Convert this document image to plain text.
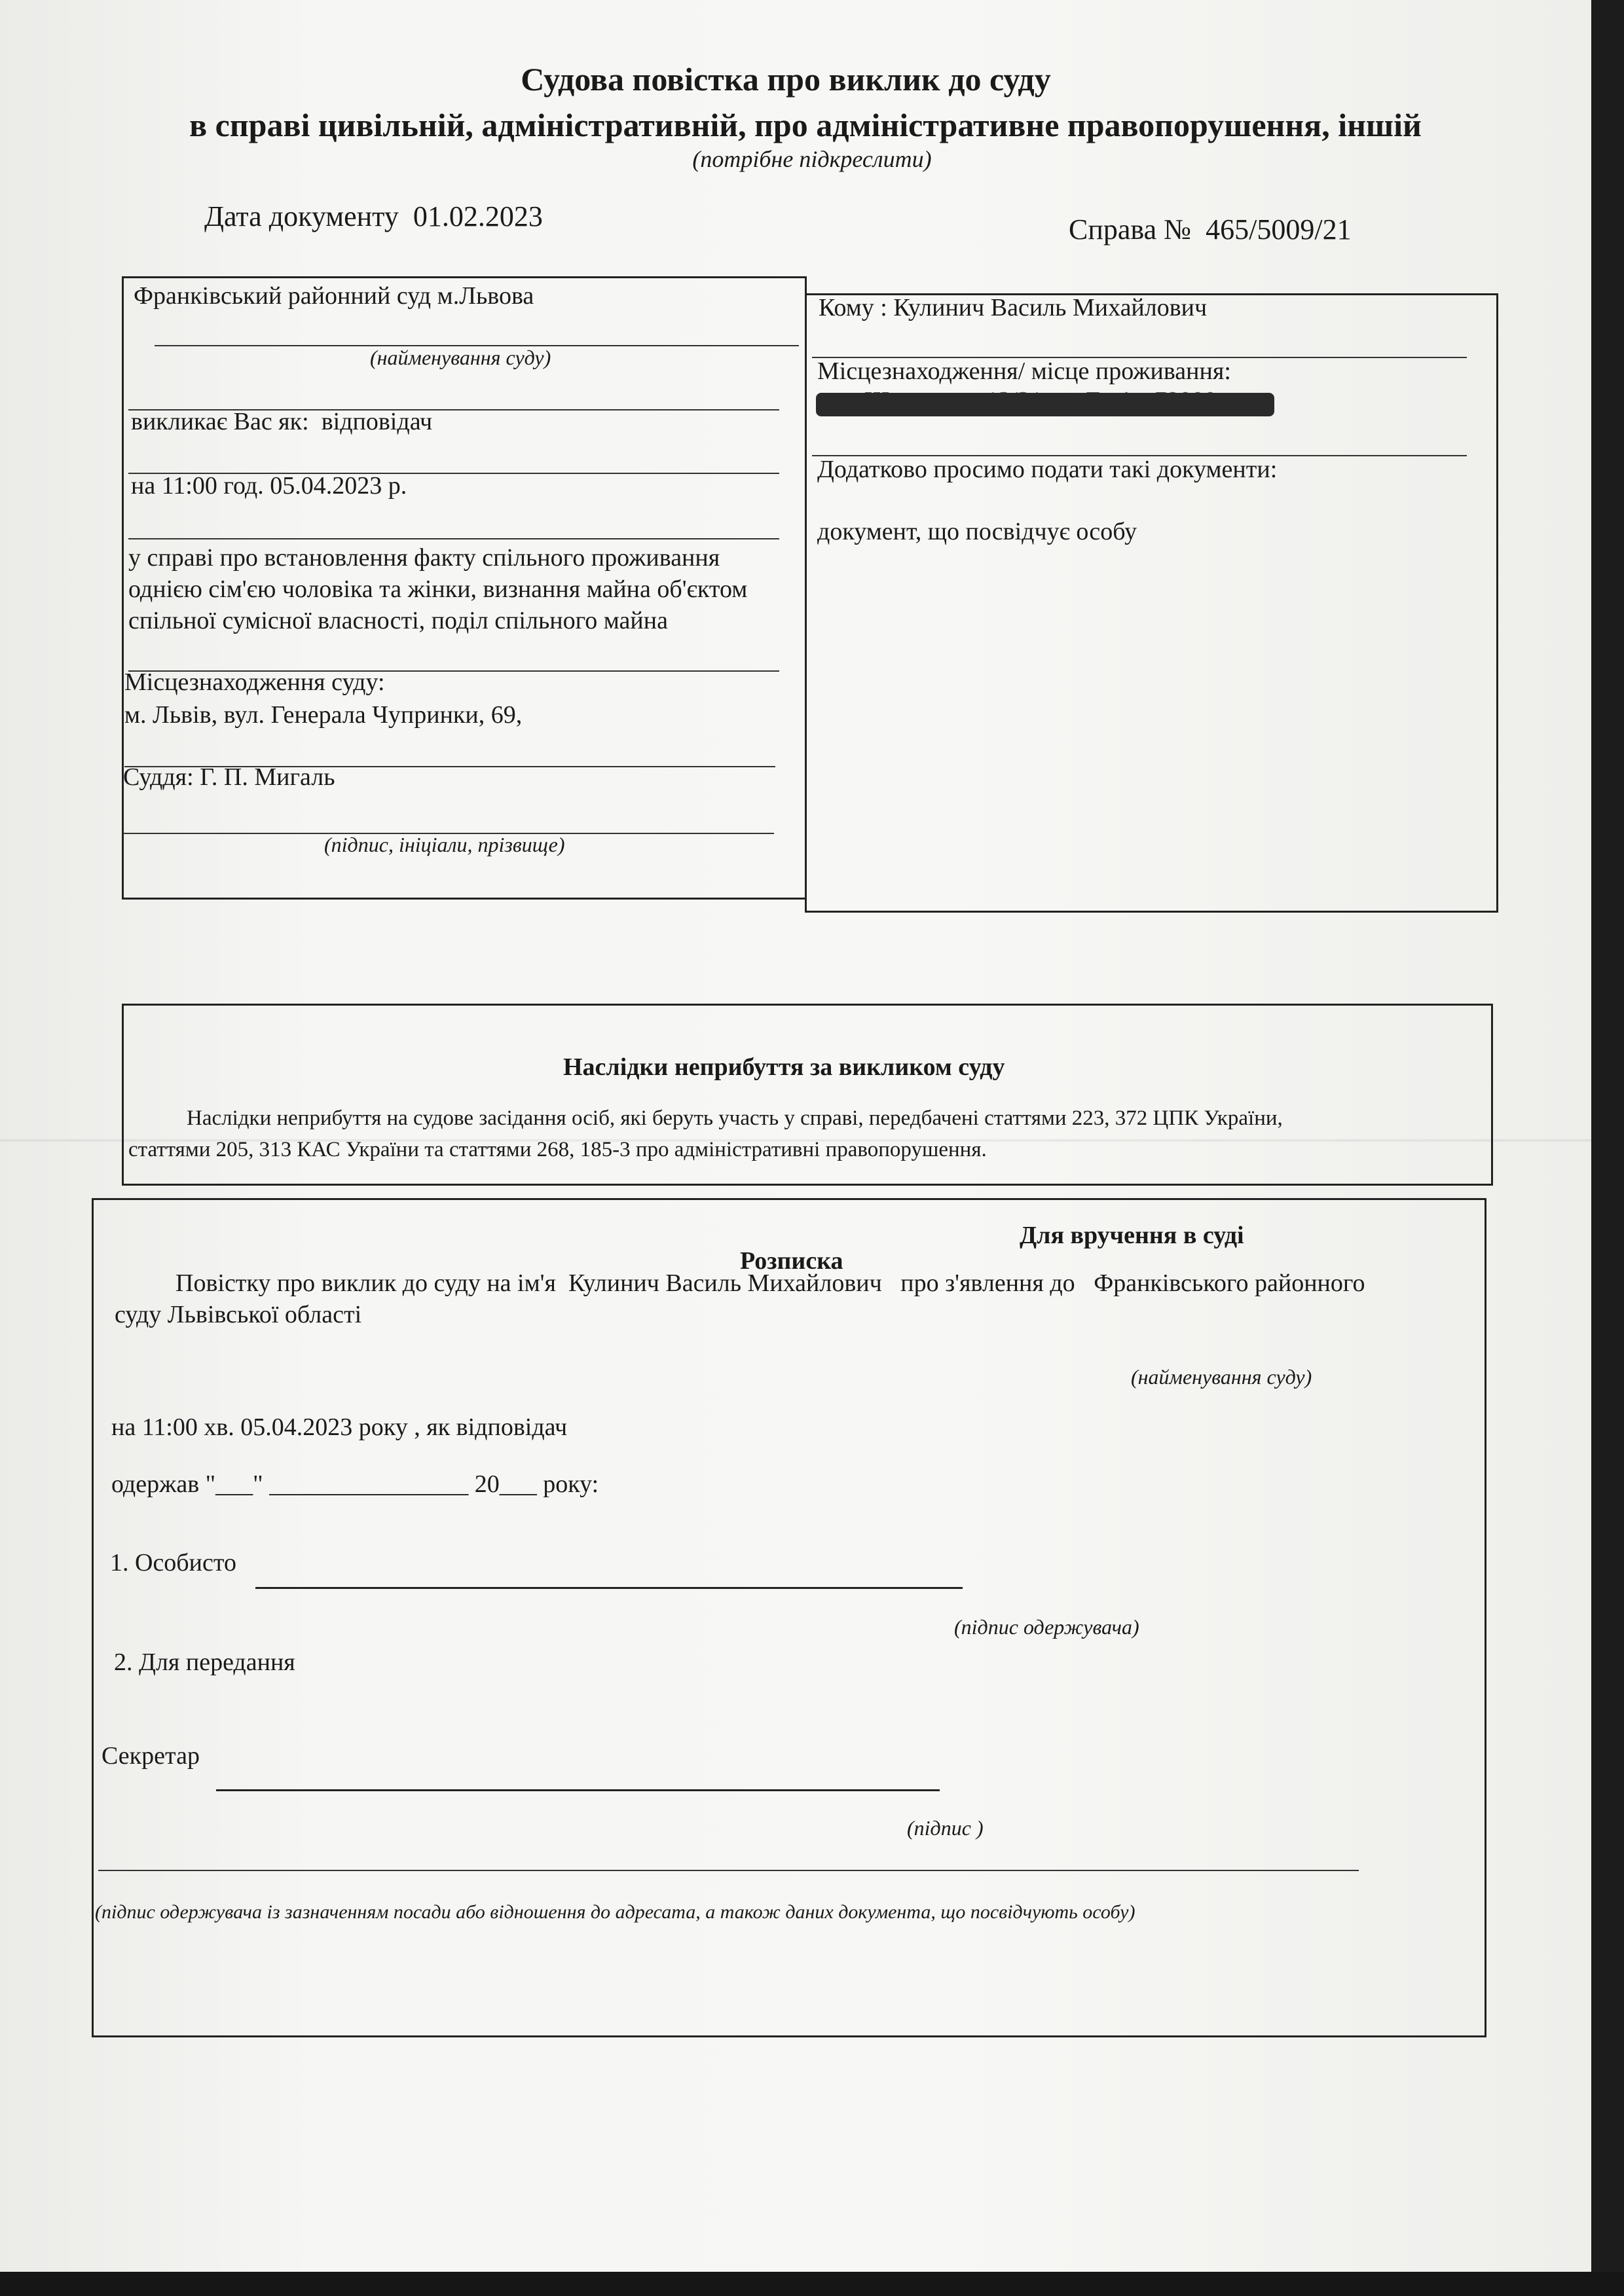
Судова повістка про виклик до суду
в справі цивільній, адміністративній, про адміністративне правопорушення, іншій
(потрібне підкреслити)
Дата документу 01.02.2023	Справа № 465/5009/21
Франківський районний суд м.Львова
(найменування суду)
викликає Вас як: відповідач
на 11:00 год. 05.04.2023 р.
у справі про встановлення факту спільного проживання
однією сім'єю чоловіка та жінки, визнання майна об'єктом
спільної сумісної власності, поділ спільного майна
Місцезнаходження суду:
м. Львів, вул. Генерала Чупринки, 69,
Суддя: Г. П. Мигаль
(підпис, ініціали, прізвище)
Кому : Кулинич Василь Михайлович
Місцезнаходження/ місце проживання:
Додатково просимо подати такі документи:
документ, що посвідчує особу
Наслідки неприбуття за викликом суду
Наслідки неприбуття на судове засідання осіб, які беруть участь у справі, передбачені статтями 223, 372 ЦПК України,
статтями 205, 313 КАС України та статтями 268, 185-3 про адміністративні правопорушення.
Для вручення в суді
Розписка
Повістку про виклик до суду на ім'я Кулинич Василь Михайлович про з'явлення до Франківського районного
суду Львівської області
(найменування суду)
на 11:00 хв. 05.04.2023 року , як відповідач
одержав "___" ________________ 20___ року:
1. Особисто
(підпис одержувача)
2. Для передання
Секретар
(підпис )
(підпис одержувача із зазначенням посади або відношення до адресата, а також даних документа, що посвідчують особу)
